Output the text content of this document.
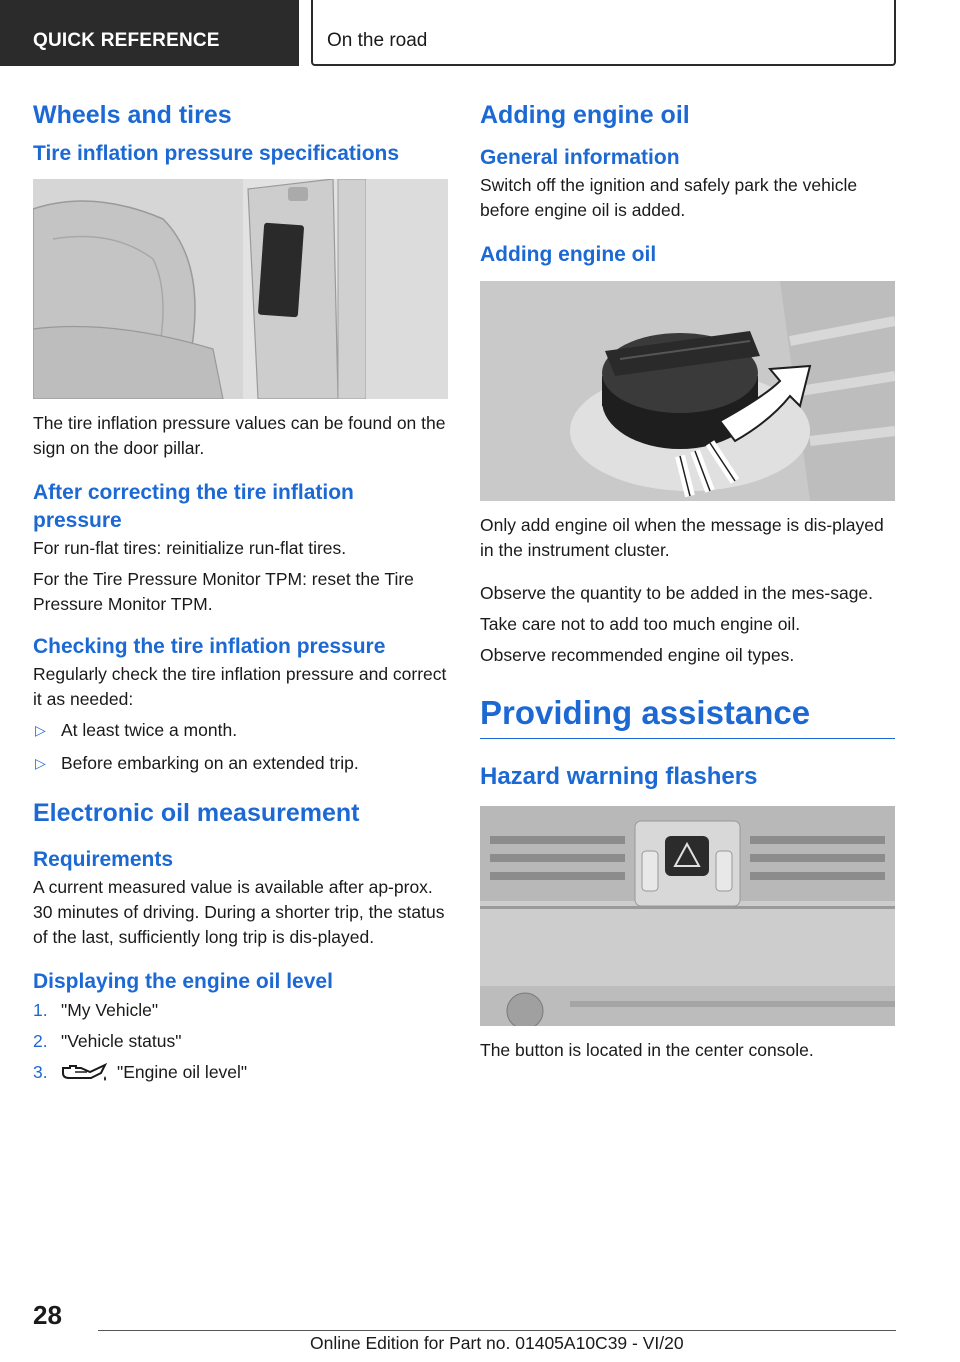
QUICK REFERENCE	On the road
Wheels and tires
Tire inflation pressure specifications

The tire inflation pressure values can be found on the sign on the door pillar.

After correcting the tire inflation pressure

For run-flat tires: reinitialize run-flat tires.

For the Tire Pressure Monitor TPM: reset the Tire Pressure Monitor TPM.

Checking the tire inflation pressure

Regularly check the tire inflation pressure and correct it as needed:

▷ At least twice a month.
▷ Before embarking on an extended trip.
Electronic oil measurement
Requirements

A current measured value is available after ap‐prox. 30 minutes of driving. During a shorter trip, the status of the last, sufficiently long trip is dis‐played.

Displaying the engine oil level
1. "My Vehicle"
2. "Vehicle status"
3.	"Engine oil level"
Adding engine oil
General information

Switch off the ignition and safely park the vehicle before engine oil is added.

Adding engine oil

Only add engine oil when the message is dis‐played in the instrument cluster.

Observe the quantity to be added in the mes‐sage.

Take care not to add too much engine oil.

Observe recommended engine oil types.

Providing assistance
Hazard warning flashers

The button is located in the center console.

28
Online Edition for Part no. 01405A10C39 - VI/20
